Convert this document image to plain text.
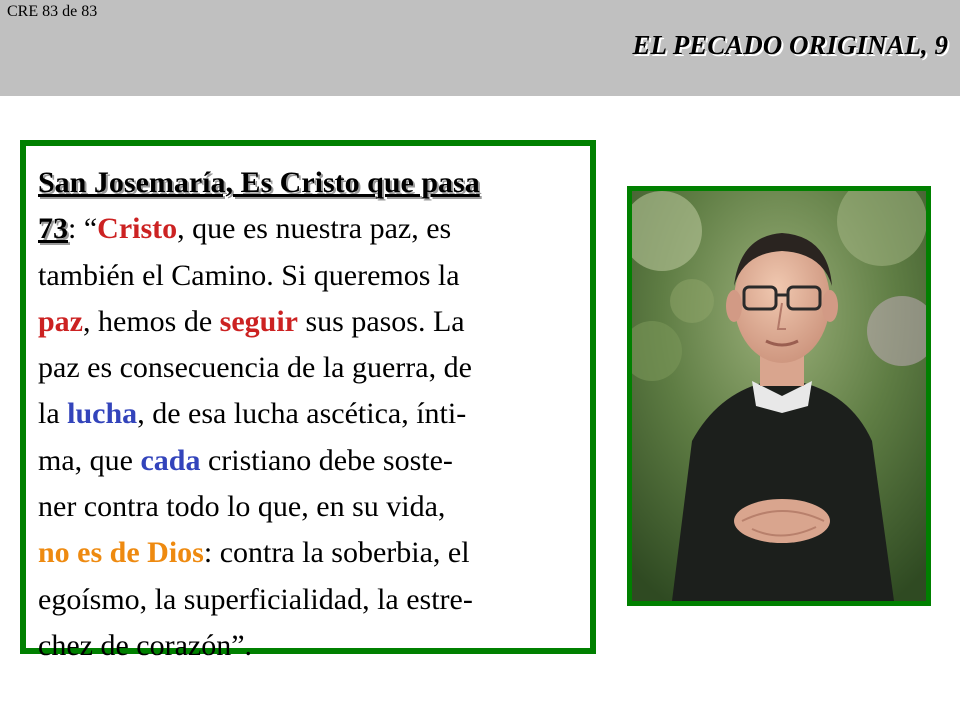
CRE 83 de 83
EL PECADO ORIGINAL, 9

San Josemaría, Es Cristo que pasa
73: “Cristo, que es nuestra paz, es
también el Camino. Si queremos la
paz, hemos de seguir sus pasos. La
paz es consecuencia de la guerra, de
la lucha, de esa lucha ascética, ínti-
ma, que cada cristiano debe soste-
ner contra todo lo que, en su vida,
no es de Dios: contra la soberbia, el
egoísmo, la superficialidad, la estre-
chez de corazón”.
